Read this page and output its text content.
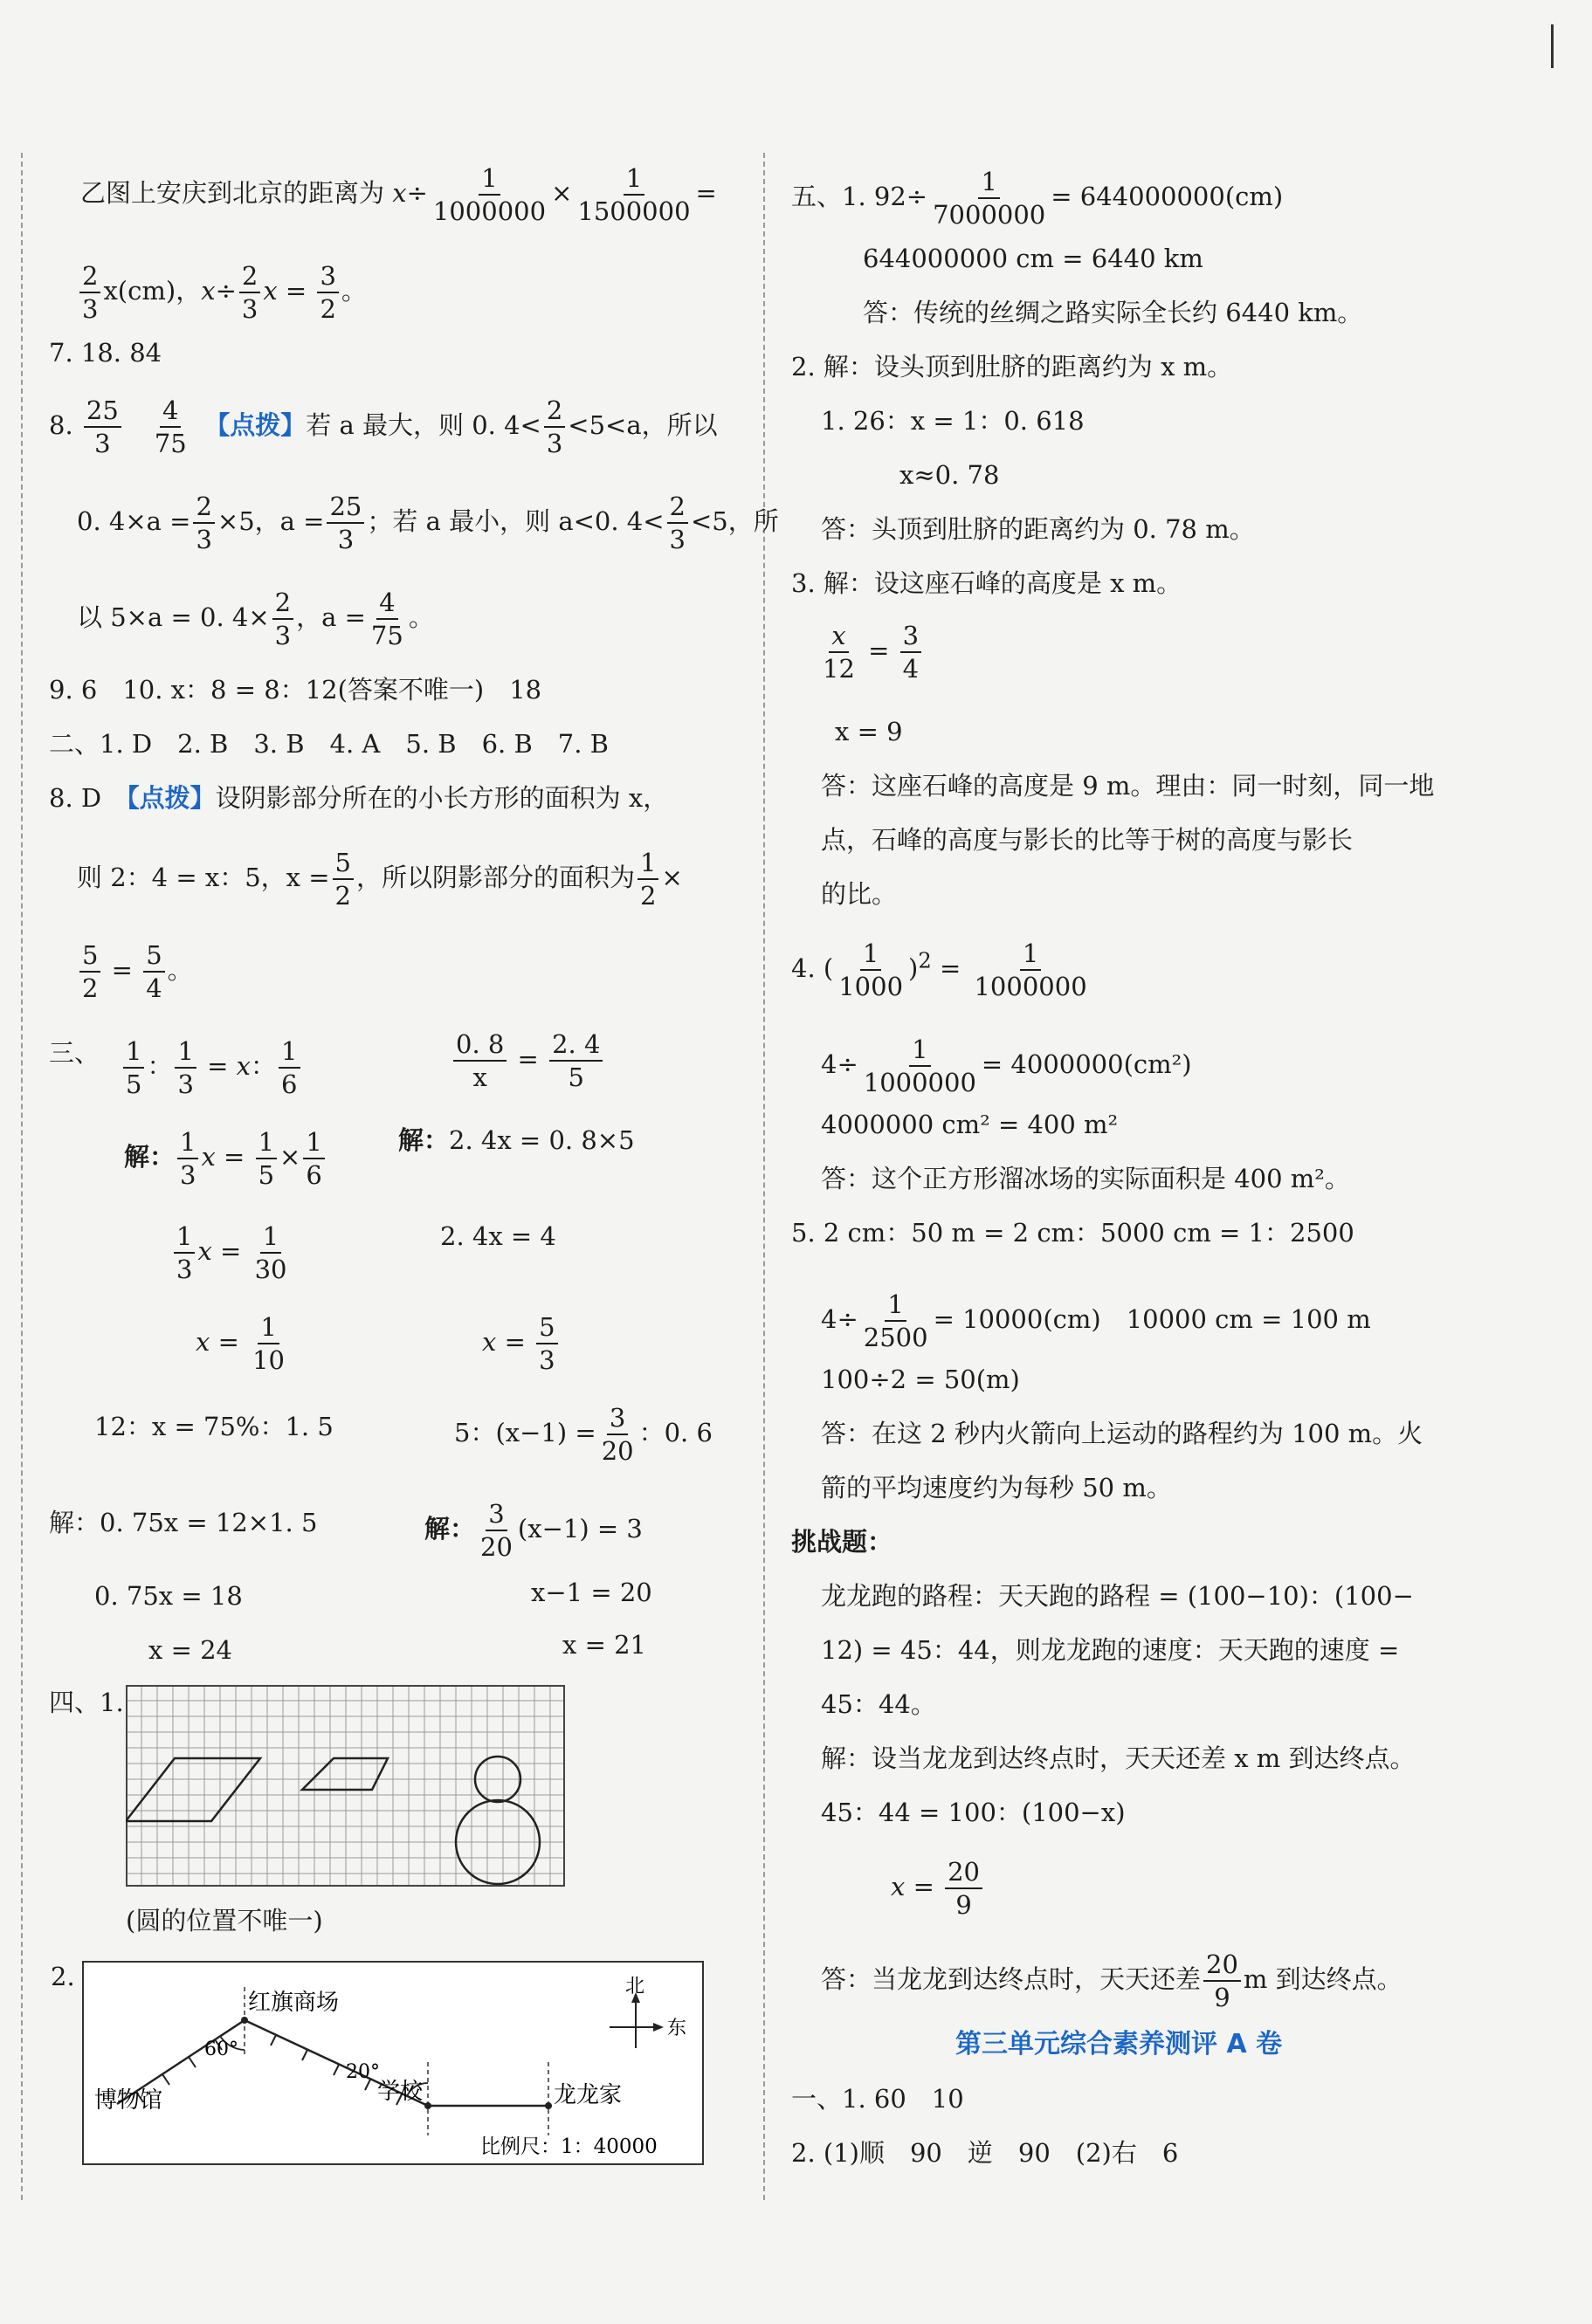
乙图上安庆到北京的距离为 $x\div \frac{1}{1000000} \times \frac{1}{1500000}$ =
$\frac{2}{3} x(cm)$，$x\div \frac{2}{3}$ $x = \frac{3}{2}$ 。
7. 18. 84
8. $\frac{25}{3}$
　 $\frac{4}{75}$
　 【点拨】若 a 最大，则 0. $4< \frac{2}{3} <5<a$，所以
0. $4\times a = \frac{2}{3} \times 5$，$a = \frac{25}{3}$ ；若 a 最小，则 a<0. $4< \frac{2}{3} <5$，所
以 5×a = 0. $4\times \frac{2}{3}$ ，$a = \frac{4}{75}$ 。
9. 6　10. x：8 = 8：12(答案不唯一)　18
二、1. D　2. B　3. B　4. A　5. B　6. B　7. B
8. D　【点拨】设阴影部分所在的小长方形的面积为 x，
则 2：4 = x：5，$x = \frac{5}{2}$ ，所以阴影部分的面积为 $\frac{1}{2}$ ×
$\frac{5}{2} = \frac{5}{4}$ 。
三、 $\frac{1}{5}$ ： $\frac{1}{3} = x$： $\frac{1}{6}$	$\frac{0. 8}{x} = \frac{2. 4}{5}$
解： $\frac{1}{3}$ $x = \frac{1}{5} \times \frac{1}{6}$	解：2. 4x = 0. 8×5
$\frac{1}{3}$ $x = \frac{1}{30}$	2. 4x = 4
$x = \frac{1}{10}$	$x = \frac{5}{3}$
12：x = 75%：1. 5	5：$(x-1) = \frac{3}{20}$ ：0. 6
解：0. 75x = 12×1. 5	解： $\frac{3}{20} (x-1) = 3$
0. 75x = 18	x−1 = 20
x = 24	x = 21
四、1.
(圆的位置不唯一)
2.	北
东
红旗商场
博物馆	学校	龙龙家
60°
20°
比例尺：1：40000
五、1. $92\div \frac{1}{7000000} = 644000000(cm)$
644000000 cm = 6440 km
答：传统的丝绸之路实际全长约 6440 km。
2. 解：设头顶到肚脐的距离约为 x m。
1. 26：x = 1：0. 618
x≈0. 78
答：头顶到肚脐的距离约为 0. 78 m。
3. 解：设这座石峰的高度是 x m。
$\frac{x}{12} = \frac{3}{4}$
x = 9
答：这座石峰的高度是 9 m。理由：同一时刻，同一地
点，石峰的高度与影长的比等于树的高度与影长
的比。
4. ( $\frac{1}{1000} )^2 = \frac{1}{1000000}$
$4\div \frac{1}{1000000} = 4000000(cm^2)$
4000000 cm² = 400 m²
答：这个正方形溜冰场的实际面积是 400 m²。
5. 2 cm：50 m = 2 cm：5000 cm = 1：2500
$4\div \frac{1}{2500} = 10000(cm)$　10000 cm = 100 m
100÷2 = 50(m)
答：在这 2 秒内火箭向上运动的路程约为 100 m。火
箭的平均速度约为每秒 50 m。
挑战题：
龙龙跑的路程：天天跑的路程 = (100−10)：(100−
12) = 45：44，则龙龙跑的速度：天天跑的速度 =
45：44。
解：设当龙龙到达终点时，天天还差 x m 到达终点。
45：44 = 100：(100−x)
$x = \frac{20}{9}$
答：当龙龙到达终点时，天天还差 $\frac{20}{9}$ m 到达终点。
第三单元综合素养测评 A 卷
一、1. 60　10
2. (1)顺　90　逆　90　(2)右　6
